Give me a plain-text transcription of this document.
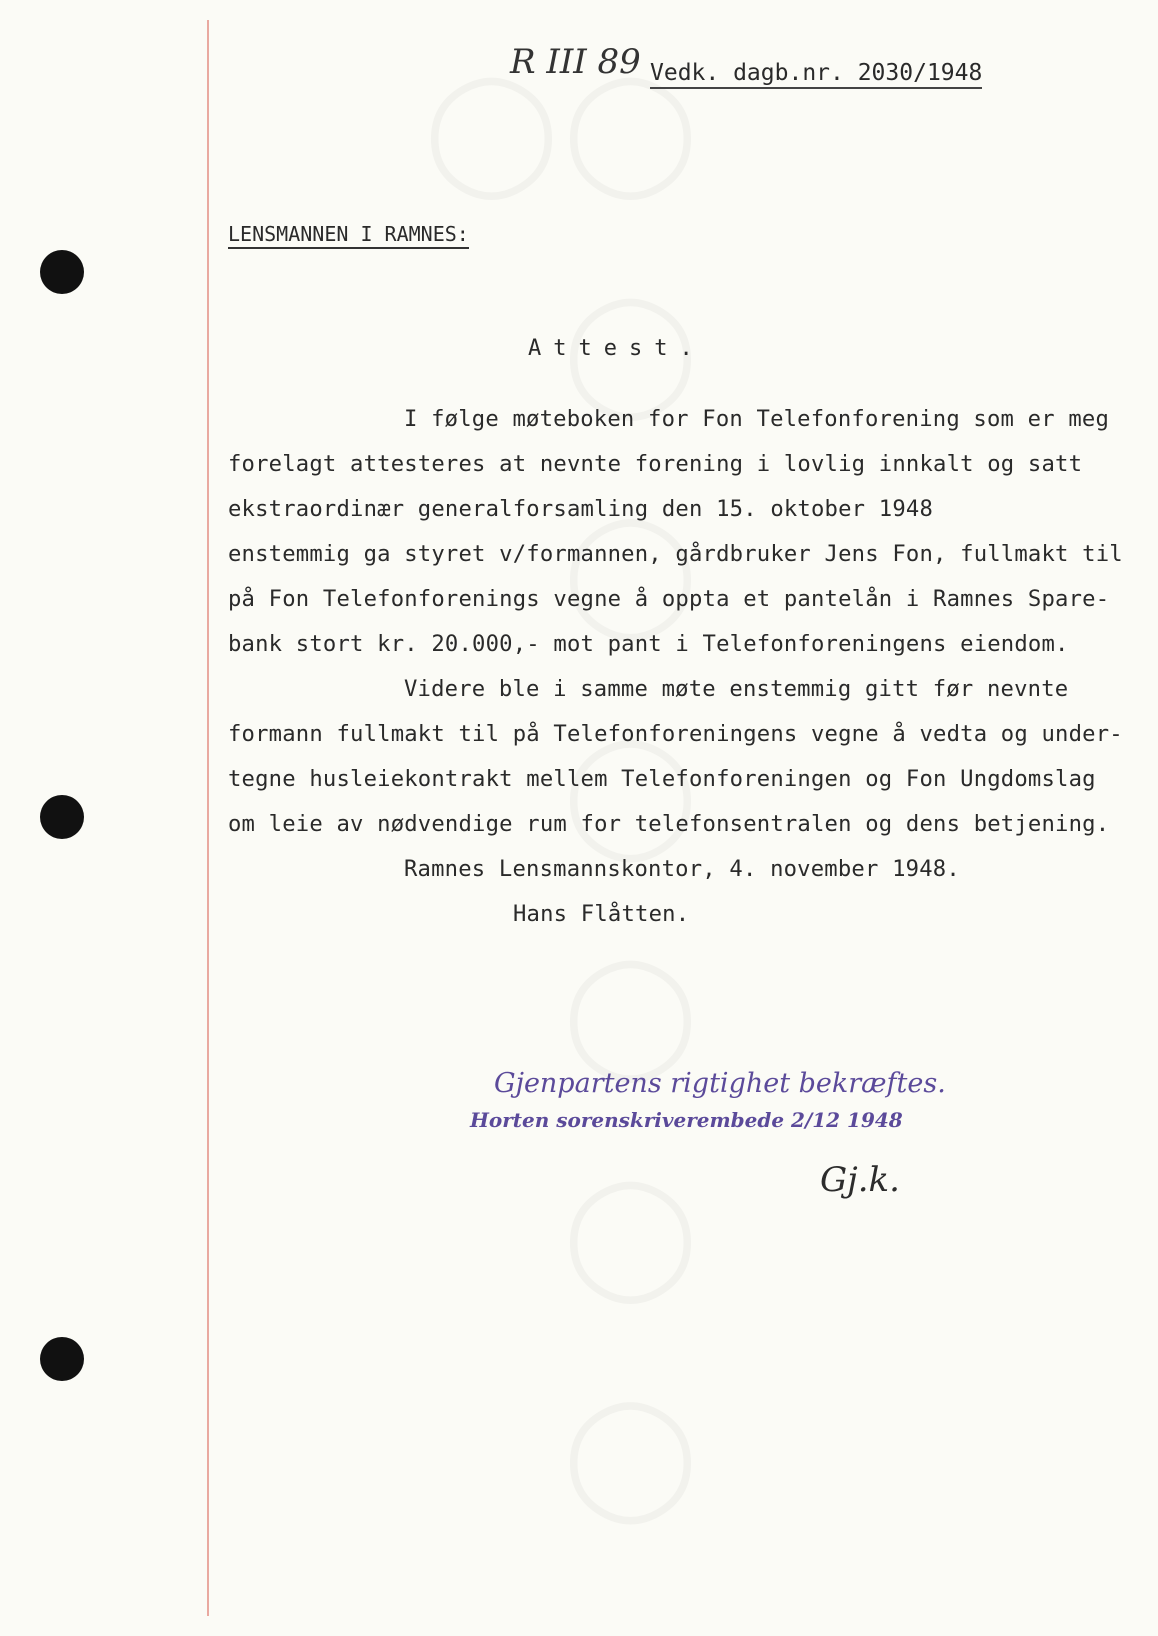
R III 89 Vedk. dagb.nr. 2030/1948
LENSMANNEN I RAMNES:
Attest.
I følge møteboken for Fon Telefonforening som er meg
forelagt attesteres at nevnte forening i lovlig innkalt og satt
ekstraordinær generalforsamling den 15. oktober 1948
enstemmig ga styret v/formannen, gårdbruker Jens Fon, fullmakt til
på Fon Telefonforenings vegne å oppta et pantelån i Ramnes Spare-
bank stort kr. 20.000,- mot pant i Telefonforeningens eiendom.
Videre ble i samme møte enstemmig gitt før nevnte
formann fullmakt til på Telefonforeningens vegne å vedta og under-
tegne husleiekontrakt mellem Telefonforeningen og Fon Ungdomslag
om leie av nødvendige rum for telefonsentralen og dens betjening.
Ramnes Lensmannskontor, 4. november 1948.
Hans Flåtten.
Gjenpartens rigtighet bekræftes.
Horten sorenskriverembede 2/12 1948
Gj.k.
